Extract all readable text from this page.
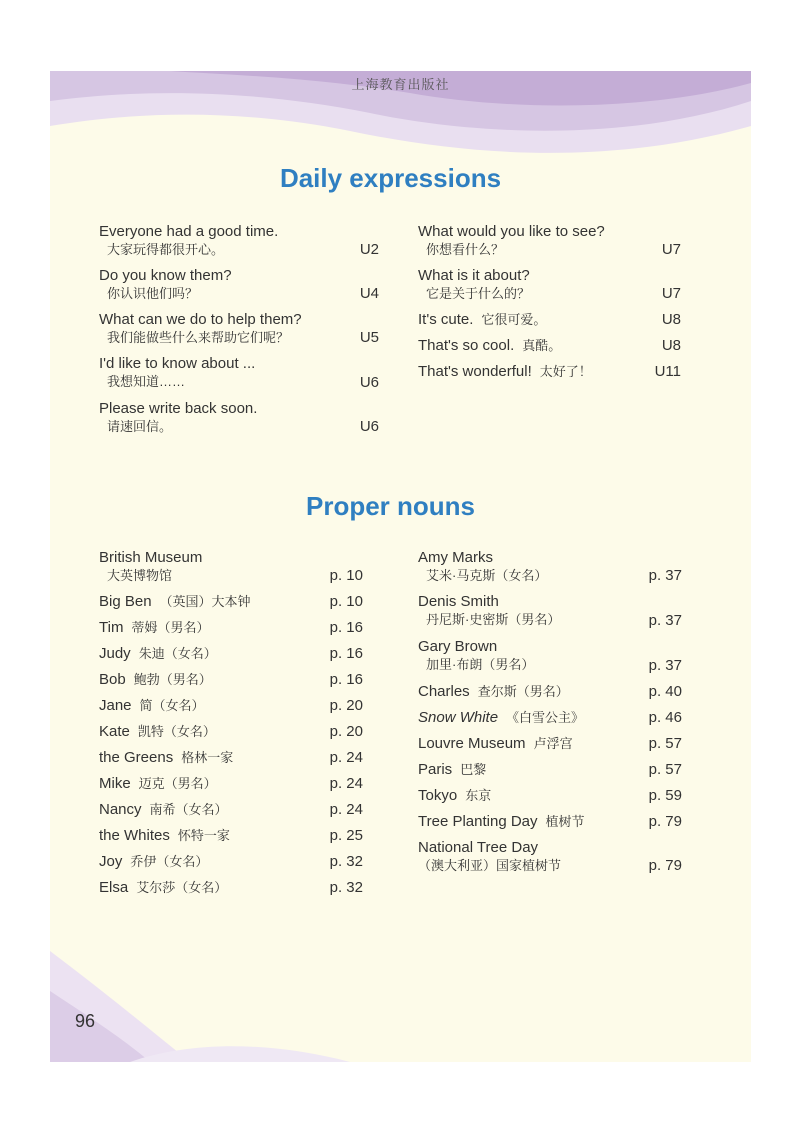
上海教育出版社
Daily expressions
Everyone had a good time.
大家玩得都很开心。	U2
Do you know them?
你认识他们吗？	U4
What can we do to help them?
我们能做些什么来帮助它们呢？	U5
I'd like to know about ...
我想知道……	U6
Please write back soon.
请速回信。	U6
What would you like to see?
你想看什么？	U7
What is it about?
它是关于什么的？	U7
It's cute. 它很可爱。	U8
That's so cool. 真酷。	U8
That's wonderful! 太好了！	U11
Proper nouns
British Museum
大英博物馆	p. 10
Big Ben （英国）大本钟	p. 10
Tim 蒂姆（男名）	p. 16
Judy 朱迪（女名）	p. 16
Bob 鲍勃（男名）	p. 16
Jane 简（女名）	p. 20
Kate 凯特（女名）	p. 20
the Greens 格林一家	p. 24
Mike 迈克（男名）	p. 24
Nancy 南希（女名）	p. 24
the Whites 怀特一家	p. 25
Joy 乔伊（女名）	p. 32
Elsa 艾尔莎（女名）	p. 32
Amy Marks
艾米·马克斯（女名）	p. 37
Denis Smith
丹尼斯·史密斯（男名）	p. 37
Gary Brown
加里·布朗（男名）	p. 37
Charles 查尔斯（男名）	p. 40
Snow White 《白雪公主》	p. 46
Louvre Museum 卢浮宫	p. 57
Paris 巴黎	p. 57
Tokyo 东京	p. 59
Tree Planting Day 植树节	p. 79
National Tree Day
（澳大利亚）国家植树节	p. 79
96
